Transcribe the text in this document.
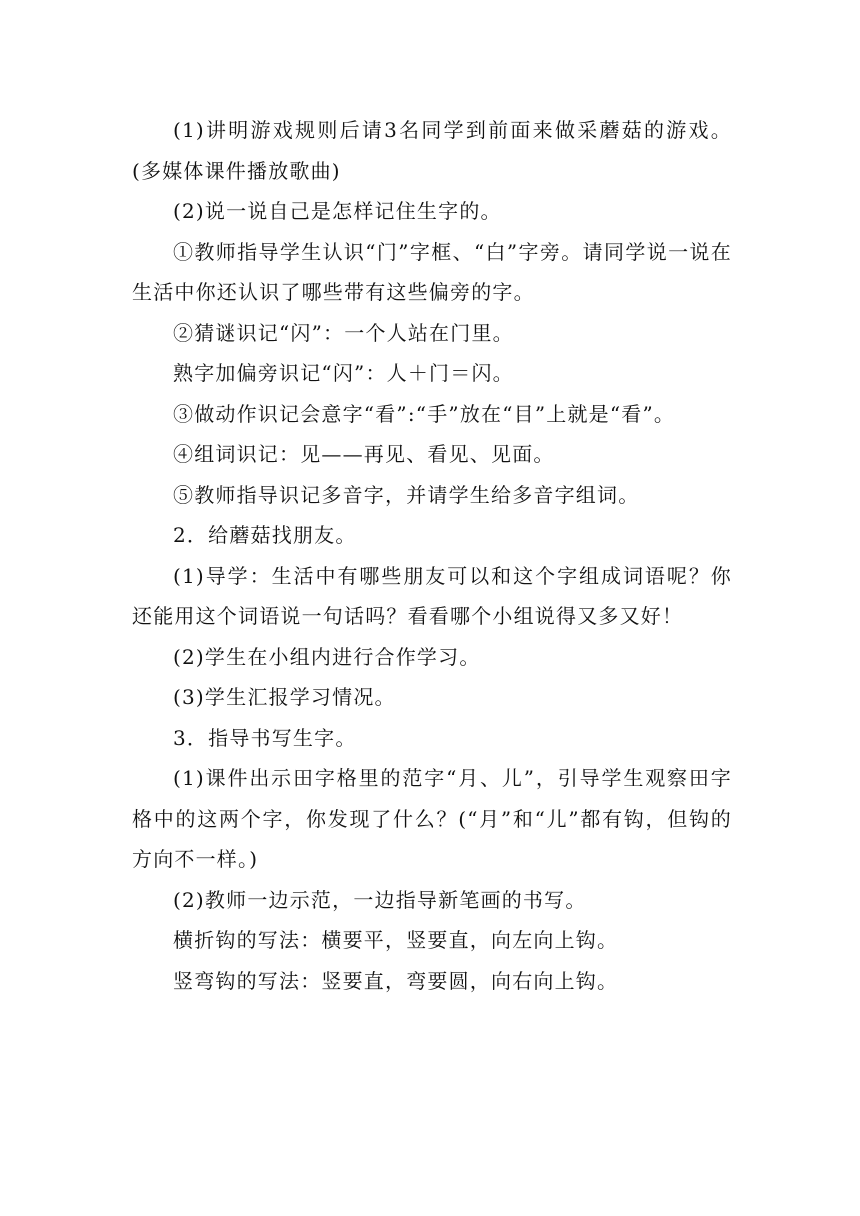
(1)讲明游戏规则后请3名同学到前面来做采蘑菇的游戏。(多媒体课件播放歌曲)

(2)说一说自己是怎样记住生字的。

①教师指导学生认识“门”字框、“白”字旁。请同学说一说在生活中你还认识了哪些带有这些偏旁的字。

②猜谜识记“闪”：一个人站在门里。

熟字加偏旁识记“闪”：人＋门＝闪。

③做动作识记会意字“看”:“手”放在“目”上就是“看”。

④组词识记：见——再见、看见、见面。

⑤教师指导识记多音字，并请学生给多音字组词。

2．给蘑菇找朋友。

(1)导学：生活中有哪些朋友可以和这个字组成词语呢？你还能用这个词语说一句话吗？看看哪个小组说得又多又好！

(2)学生在小组内进行合作学习。

(3)学生汇报学习情况。

3．指导书写生字。

(1)课件出示田字格里的范字“月、儿”，引导学生观察田字格中的这两个字，你发现了什么？(“月”和“儿”都有钩，但钩的方向不一样。)

(2)教师一边示范，一边指导新笔画的书写。

横折钩的写法：横要平，竖要直，向左向上钩。

竖弯钩的写法：竖要直，弯要圆，向右向上钩。
